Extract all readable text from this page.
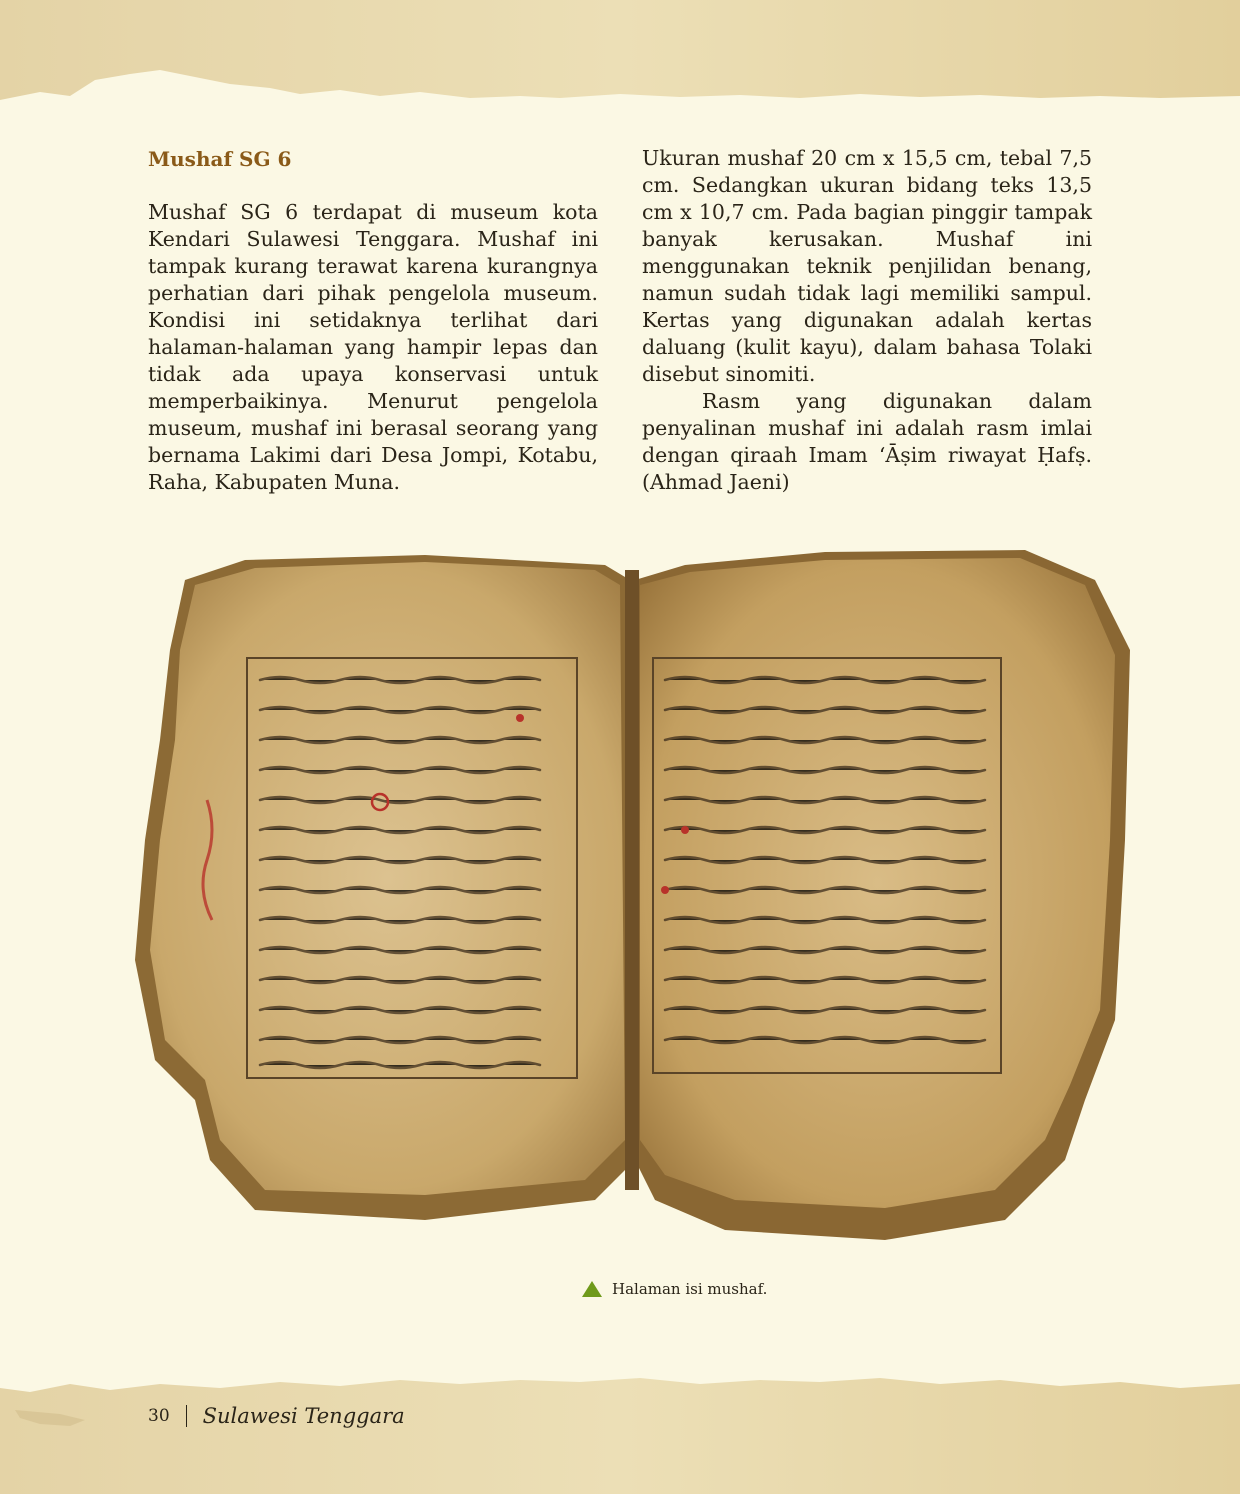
Mushaf SG 6

Mushaf SG 6 terdapat di museum kota Kendari Sulawesi Tenggara. Mushaf ini tampak kurang terawat karena kurangnya perhatian dari pihak pengelola museum. Kondisi ini setidaknya terlihat dari halaman-halaman yang hampir lepas dan tidak ada upaya konservasi untuk memperbaikinya. Menurut pengelola museum, mushaf ini berasal seorang yang bernama Lakimi dari Desa Jompi, Kotabu, Raha, Kabupaten Muna.

Ukuran mushaf 20 cm x 15,5 cm, tebal 7,5 cm. Sedangkan ukuran bidang teks 13,5 cm x 10,7 cm. Pada bagian pinggir tampak banyak kerusakan. Mushaf ini menggunakan teknik penjilidan benang, namun sudah tidak lagi memiliki sampul. Kertas yang digunakan adalah kertas daluang (kulit kayu), dalam bahasa Tolaki disebut sinomiti.

Rasm yang digunakan dalam penyalinan mushaf ini adalah rasm imlai dengan qiraah Imam ‘Āṣim riwayat Ḥafṣ. (Ahmad Jaeni)

Halaman isi mushaf.
30 Sulawesi Tenggara
